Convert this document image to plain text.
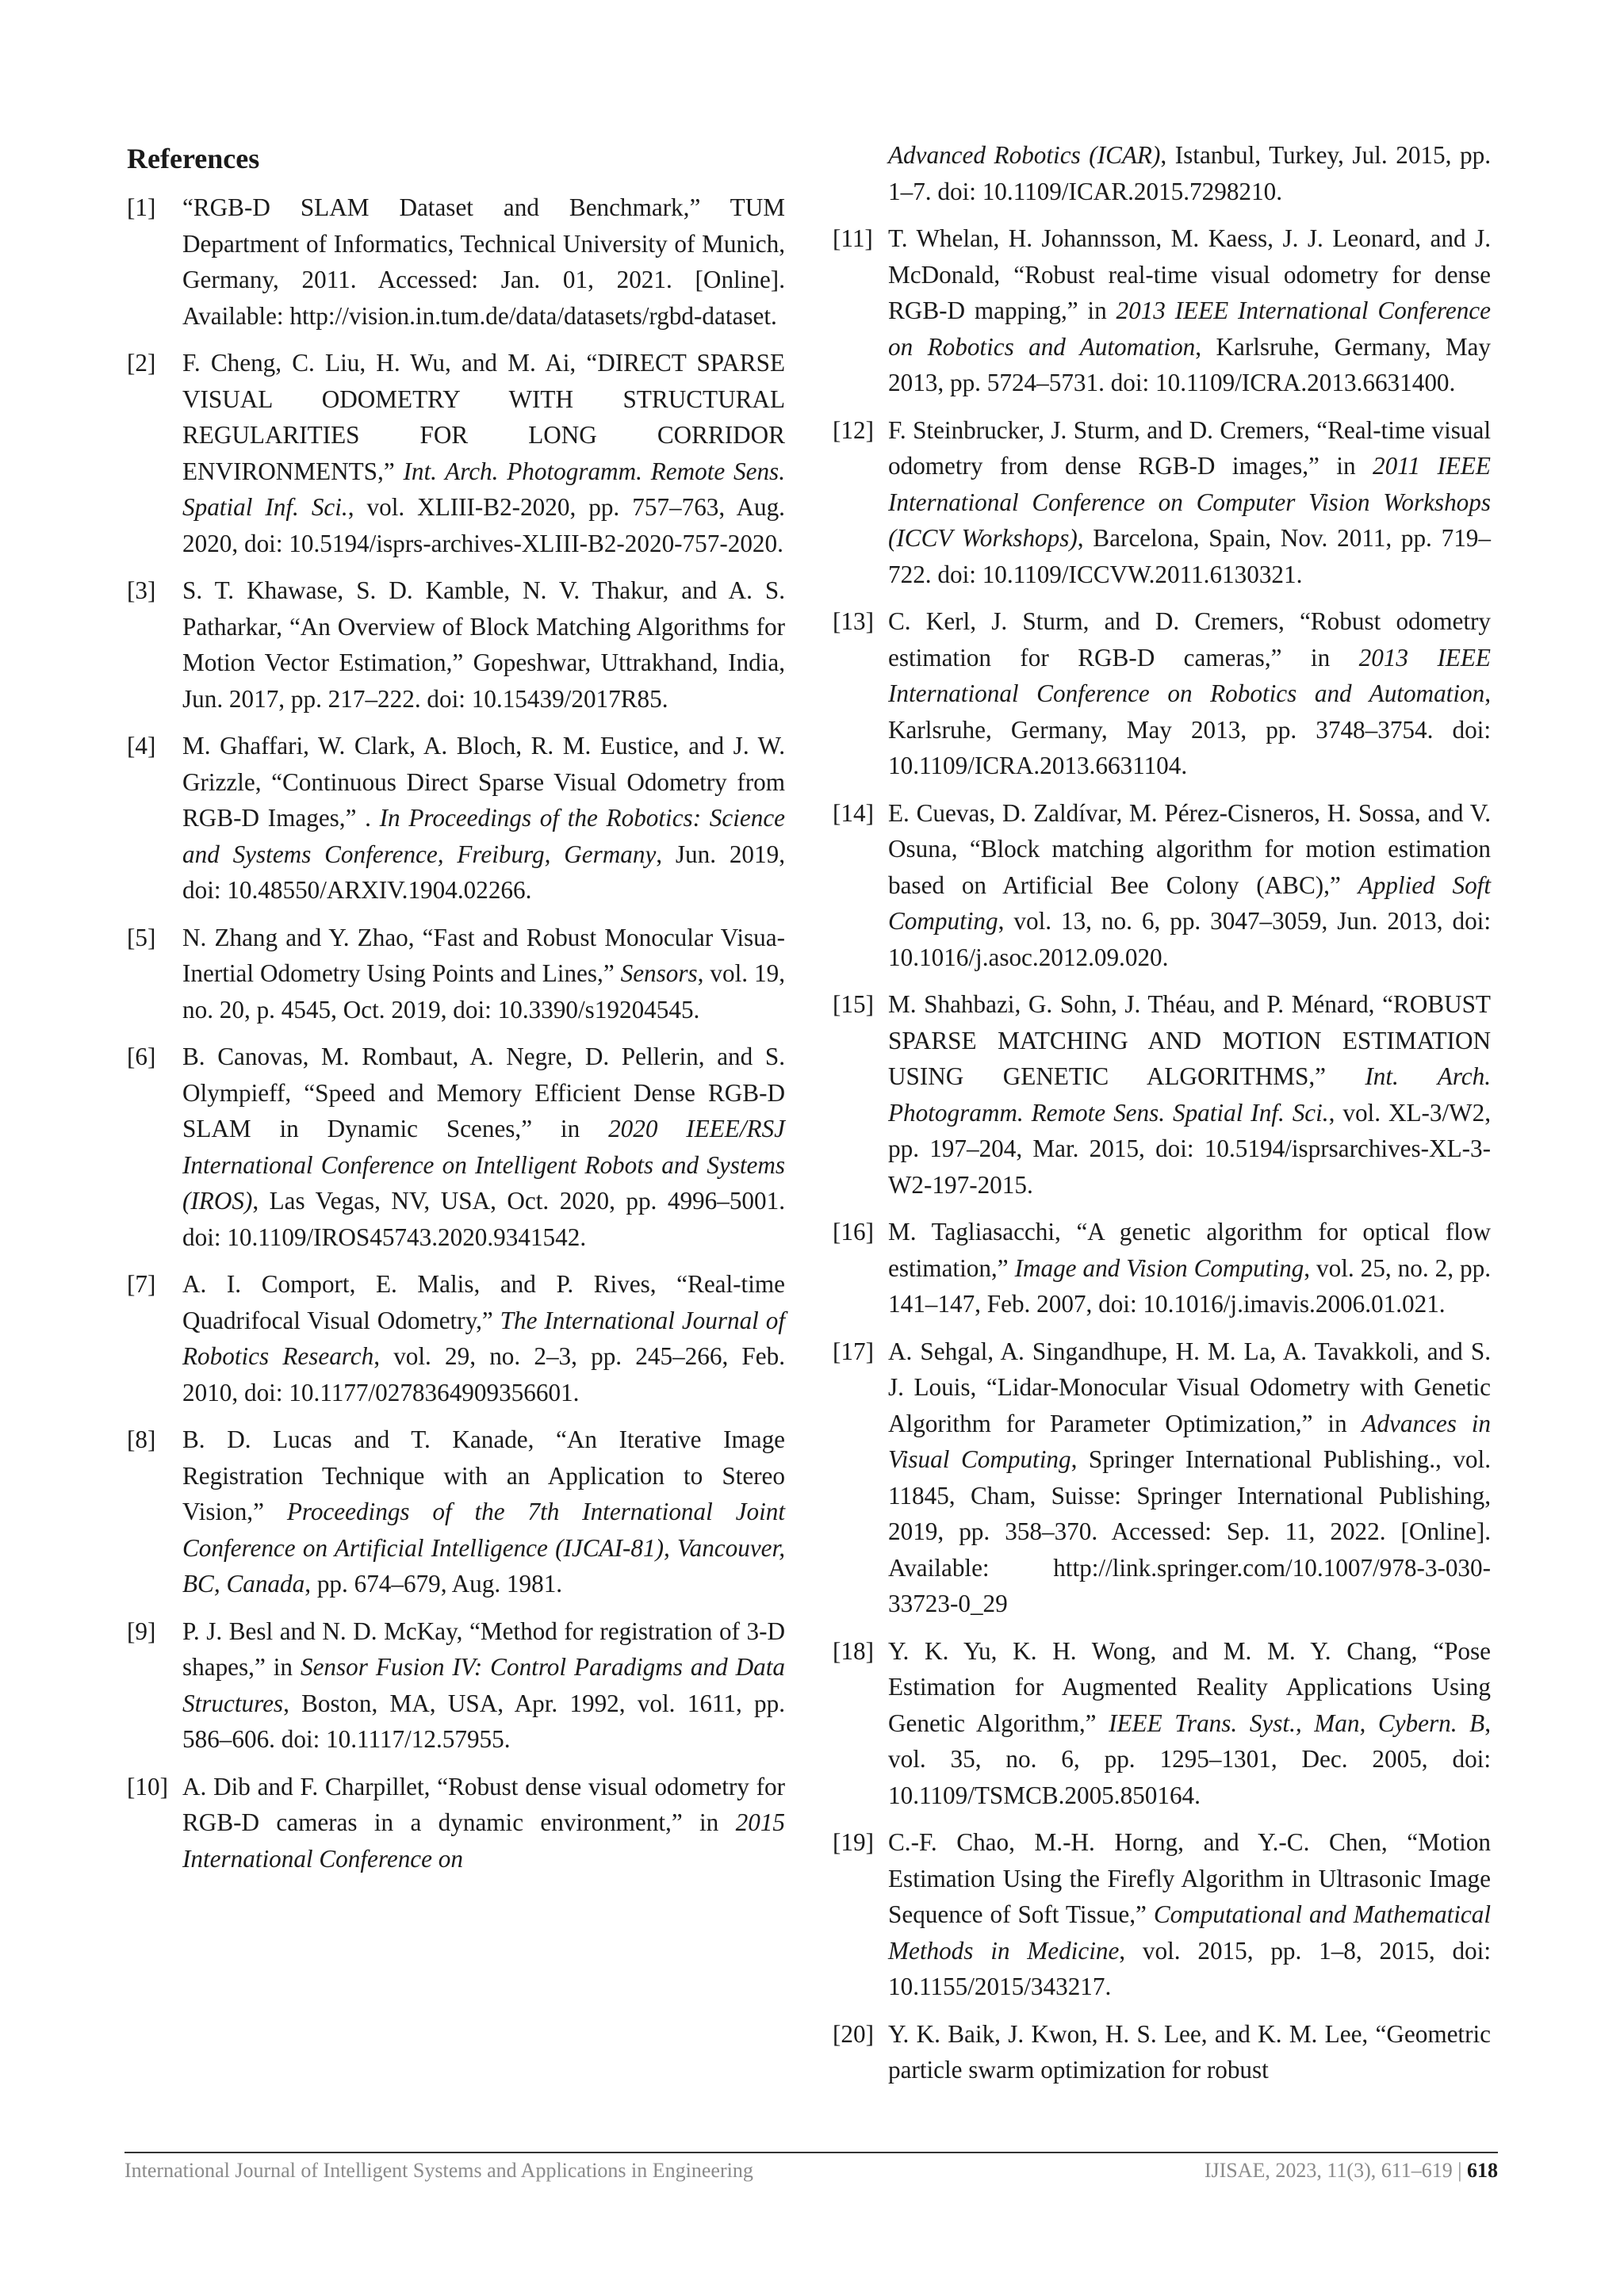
References
[1]	“RGB-D SLAM Dataset and Benchmark,” TUM Department of Informatics, Technical University of Munich, Germany, 2011. Accessed: Jan. 01, 2021. [Online]. Available: http://vision.in.tum.de/data/datasets/rgbd-dataset.
[2]	F. Cheng, C. Liu, H. Wu, and M. Ai, “DIRECT SPARSE VISUAL ODOMETRY WITH STRUCTURAL REGULARITIES FOR LONG CORRIDOR ENVIRONMENTS,” Int. Arch. Photogramm. Remote Sens. Spatial Inf. Sci., vol. XLIII-B2-2020, pp. 757–763, Aug. 2020, doi: 10.5194/isprs-archives-XLIII-B2-2020-757-2020.
[3]	S. T. Khawase, S. D. Kamble, N. V. Thakur, and A. S. Patharkar, “An Overview of Block Matching Algorithms for Motion Vector Estimation,” Gopeshwar, Uttrakhand, India, Jun. 2017, pp. 217–222. doi: 10.15439/2017R85.
[4]	M. Ghaffari, W. Clark, A. Bloch, R. M. Eustice, and J. W. Grizzle, “Continuous Direct Sparse Visual Odometry from RGB-D Images,” . In Proceedings of the Robotics: Science and Systems Conference, Freiburg, Germany, Jun. 2019, doi: 10.48550/ARXIV.1904.02266.
[5]	N. Zhang and Y. Zhao, “Fast and Robust Monocular Visua-Inertial Odometry Using Points and Lines,” Sensors, vol. 19, no. 20, p. 4545, Oct. 2019, doi: 10.3390/s19204545.
[6]	B. Canovas, M. Rombaut, A. Negre, D. Pellerin, and S. Olympieff, “Speed and Memory Efficient Dense RGB-D SLAM in Dynamic Scenes,” in 2020 IEEE/RSJ International Conference on Intelligent Robots and Systems (IROS), Las Vegas, NV, USA, Oct. 2020, pp. 4996–5001. doi: 10.1109/IROS45743.2020.9341542.
[7]	A. I. Comport, E. Malis, and P. Rives, “Real-time Quadrifocal Visual Odometry,” The International Journal of Robotics Research, vol. 29, no. 2–3, pp. 245–266, Feb. 2010, doi: 10.1177/0278364909356601.
[8]	B. D. Lucas and T. Kanade, “An Iterative Image Registration Technique with an Application to Stereo Vision,” Proceedings of the 7th International Joint Conference on Artificial Intelligence (IJCAI-81), Vancouver, BC, Canada, pp. 674–679, Aug. 1981.
[9]	P. J. Besl and N. D. McKay, “Method for registration of 3-D shapes,” in Sensor Fusion IV: Control Paradigms and Data Structures, Boston, MA, USA, Apr. 1992, vol. 1611, pp. 586–606. doi: 10.1117/12.57955.
[10] A. Dib and F. Charpillet, “Robust dense visual odometry for RGB-D cameras in a dynamic environment,” in 2015 International Conference on
Advanced Robotics (ICAR), Istanbul, Turkey, Jul. 2015, pp. 1–7. doi: 10.1109/ICAR.2015.7298210.
[11] T. Whelan, H. Johannsson, M. Kaess, J. J. Leonard, and J. McDonald, “Robust real-time visual odometry for dense RGB-D mapping,” in 2013 IEEE International Conference on Robotics and Automation, Karlsruhe, Germany, May 2013, pp. 5724–5731. doi: 10.1109/ICRA.2013.6631400.
[12] F. Steinbrucker, J. Sturm, and D. Cremers, “Real-time visual odometry from dense RGB-D images,” in 2011 IEEE International Conference on Computer Vision Workshops (ICCV Workshops), Barcelona, Spain, Nov. 2011, pp. 719–722. doi: 10.1109/ICCVW.2011.6130321.
[13] C. Kerl, J. Sturm, and D. Cremers, “Robust odometry estimation for RGB-D cameras,” in 2013 IEEE International Conference on Robotics and Automation, Karlsruhe, Germany, May 2013, pp. 3748–3754. doi: 10.1109/ICRA.2013.6631104.
[14] E. Cuevas, D. Zaldívar, M. Pérez-Cisneros, H. Sossa, and V. Osuna, “Block matching algorithm for motion estimation based on Artificial Bee Colony (ABC),” Applied Soft Computing, vol. 13, no. 6, pp. 3047–3059, Jun. 2013, doi: 10.1016/j.asoc.2012.09.020.
[15] M. Shahbazi, G. Sohn, J. Théau, and P. Ménard, “ROBUST SPARSE MATCHING AND MOTION ESTIMATION USING GENETIC ALGORITHMS,” Int. Arch. Photogramm. Remote Sens. Spatial Inf. Sci., vol. XL-3/W2, pp. 197–204, Mar. 2015, doi: 10.5194/isprsarchives-XL-3-W2-197-2015.
[16] M. Tagliasacchi, “A genetic algorithm for optical flow estimation,” Image and Vision Computing, vol. 25, no. 2, pp. 141–147, Feb. 2007, doi: 10.1016/j.imavis.2006.01.021.
[17] A. Sehgal, A. Singandhupe, H. M. La, A. Tavakkoli, and S. J. Louis, “Lidar-Monocular Visual Odometry with Genetic Algorithm for Parameter Optimization,” in Advances in Visual Computing, Springer International Publishing., vol. 11845, Cham, Suisse: Springer International Publishing, 2019, pp. 358–370. Accessed: Sep. 11, 2022. [Online]. Available: http://link.springer.com/10.1007/978-3-030-33723-0_29
[18] Y. K. Yu, K. H. Wong, and M. M. Y. Chang, “Pose Estimation for Augmented Reality Applications Using Genetic Algorithm,” IEEE Trans. Syst., Man, Cybern. B, vol. 35, no. 6, pp. 1295–1301, Dec. 2005, doi: 10.1109/TSMCB.2005.850164.
[19] C.-F. Chao, M.-H. Horng, and Y.-C. Chen, “Motion Estimation Using the Firefly Algorithm in Ultrasonic Image Sequence of Soft Tissue,” Computational and Mathematical Methods in Medicine, vol. 2015, pp. 1–8, 2015, doi: 10.1155/2015/343217.
[20] Y. K. Baik, J. Kwon, H. S. Lee, and K. M. Lee, “Geometric particle swarm optimization for robust
International Journal of Intelligent Systems and Applications in Engineering	IJISAE, 2023, 11(3), 611–619 | 618
